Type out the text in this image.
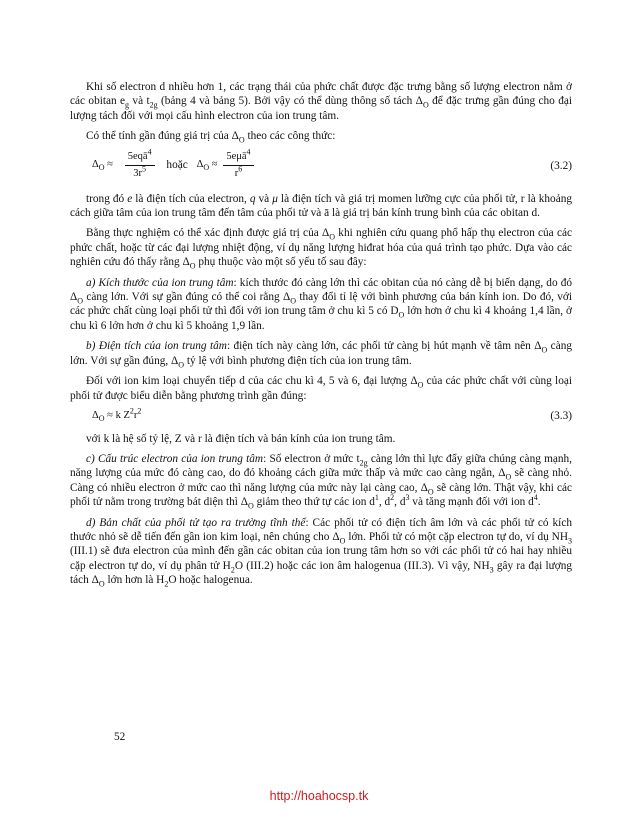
Khi số electron d nhiều hơn 1, các trạng thái của phức chất được đặc trưng bằng số lượng electron nằm ở các obitan $e_g$ và $t_{2g}$ (bảng 4 và bảng 5). Bởi vậy có thể dùng thông số tách $\Delta_O$ để đặc trưng gần đúng cho đại lượng tách đối với mọi cấu hình electron của ion trung tâm.

Có thể tính gần đúng giá trị của $\Delta_O$ theo các công thức:

$\Delta_O \approx \frac{5eqā^4}{3r^5}$ hoặc $\Delta_O \approx \frac{5e\mu ā^4}{r^6}$	(3.2)

trong đó e là điện tích của electron, q và μ là điện tích và giá trị momen lưỡng cực của phối tử, r là khoảng cách giữa tâm của ion trung tâm đến tâm của phối tử và ā là giá trị bán kính trung bình của các obitan d.

Bằng thực nghiệm có thể xác định được giá trị của $\Delta_O$ khi nghiên cứu quang phổ hấp thụ electron của các phức chất, hoặc từ các đại lượng nhiệt động, ví dụ năng lượng hiđrat hóa của quá trình tạo phức. Dựa vào các nghiên cứu đó thấy rằng $\Delta_O$ phụ thuộc vào một số yếu tố sau đây:

a) Kích thước của ion trung tâm: kích thước đó càng lớn thì các obitan của nó càng dễ bị biến dạng, do đó $\Delta_O$ càng lớn. Với sự gần đúng có thể coi rằng $\Delta_O$ thay đổi tỉ lệ với bình phương của bán kính ion. Do đó, với các phức chất cùng loại phối tử thì đối với ion trung tâm ở chu kì 5 có $D_O$ lớn hơn ở chu kì 4 khoảng 1,4 lần, ở chu kì 6 lớn hơn ở chu kì 5 khoảng 1,9 lần.

b) Điện tích của ion trung tâm: điện tích này càng lớn, các phối tử càng bị hút mạnh về tâm nên $\Delta_O$ càng lớn. Với sự gần đúng, $\Delta_O$ tỷ lệ với bình phương điện tích của ion trung tâm.

Đối với ion kim loại chuyển tiếp d của các chu kì 4, 5 và 6, đại lượng $\Delta_O$ của các phức chất với cùng loại phối tử được biểu diễn bằng phương trình gần đúng:

$\Delta_O \approx k$ $Z^2r^2$	(3.3)

với k là hệ số tỷ lệ, Z và r là điện tích và bán kính của ion trung tâm.

c) Cấu trúc electron của ion trung tâm: Số electron ở mức $t_{2g}$ càng lớn thì lực đẩy giữa chúng càng mạnh, năng lượng của mức đó càng cao, do đó khoảng cách giữa mức thấp và mức cao càng ngắn, $\Delta_O$ sẽ càng nhỏ. Càng có nhiều electron ở mức cao thì năng lượng của mức này lại càng cao, $\Delta_O$ sẽ càng lớn. Thật vậy, khi các phối tử nằm trong trường bát diện thì $\Delta_O$ giảm theo thứ tự các ion $d^1$, $d^2$, $d^3$ và tăng mạnh đối với ion $d^4$.

d) Bản chất của phối tử tạo ra trường tĩnh thể: Các phối tử có điện tích âm lớn và các phối tử có kích thước nhỏ sẽ dễ tiến đến gần ion kim loại, nên chúng cho $\Delta_O$ lớn. Phối tử có một cặp electron tự do, ví dụ $NH_3$ (III.1) sẽ đưa electron của mình đến gần các obitan của ion trung tâm hơn so với các phối tử có hai hay nhiều cặp electron tự do, ví dụ phân tử $H_2O$ (III.2) hoặc các ion âm halogenua (III.3). Vì vậy, $NH_3$ gây ra đại lượng tách $\Delta_O$ lớn hơn là $H_2O$ hoặc halogenua.

52
http://hoahocsp.tk
